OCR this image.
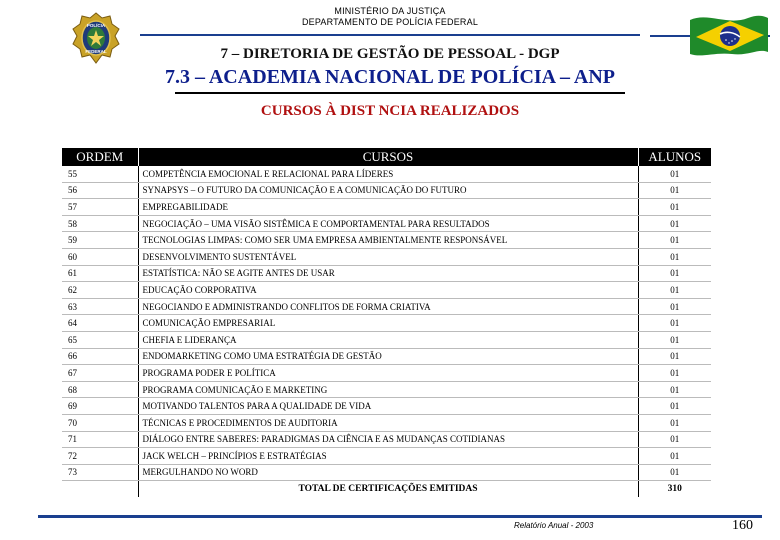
MINISTÉRIO DA JUSTIÇA
DEPARTAMENTO DE POLÍCIA FEDERAL
POLÍCIA
FEDERAL	7 – DIRETORIA DE GESTÃO DE PESSOAL - DGP
7.3 – ACADEMIA NACIONAL DE POLÍCIA – ANP
CURSOS À DIST NCIA REALIZADOS
ORDEM	CURSOS	ALUNOS
55	COMPETÊNCIA EMOCIONAL E RELACIONAL PARA LÍDERES	01
56	SYNAPSYS – O FUTURO DA COMUNICAÇÃO E A COMUNICAÇÃO DO FUTURO	01
57	EMPREGABILIDADE	01
58	NEGOCIAÇÃO – UMA VISÃO SISTÊMICA E COMPORTAMENTAL PARA RESULTADOS	01
59	TECNOLOGIAS LIMPAS: COMO SER UMA EMPRESA AMBIENTALMENTE RESPONSÁVEL	01
60	DESENVOLVIMENTO SUSTENTÁVEL	01
61	ESTATÍSTICA: NÃO SE AGITE ANTES DE USAR	01
62	EDUCAÇÃO CORPORATIVA	01
63	NEGOCIANDO E ADMINISTRANDO CONFLITOS DE FORMA CRIATIVA	01
64	COMUNICAÇÃO EMPRESARIAL	01
65	CHEFIA E LIDERANÇA	01
66	ENDOMARKETING COMO UMA ESTRATÉGIA DE GESTÃO	01
67	PROGRAMA PODER E POLÍTICA	01
68	PROGRAMA COMUNICAÇÃO E MARKETING	01
69	MOTIVANDO TALENTOS PARA A QUALIDADE DE VIDA	01
70	TÉCNICAS E PROCEDIMENTOS DE AUDITORIA	01
71	DIÁLOGO ENTRE SABERES: PARADIGMAS DA CIÊNCIA E AS MUDANÇAS COTIDIANAS	01
72	JACK WELCH – PRINCÍPIOS E ESTRATÉGIAS	01
73	MERGULHANDO NO WORD	01
	TOTAL DE CERTIFICAÇÕES EMITIDAS	310
Relatório Anual - 2003	160
